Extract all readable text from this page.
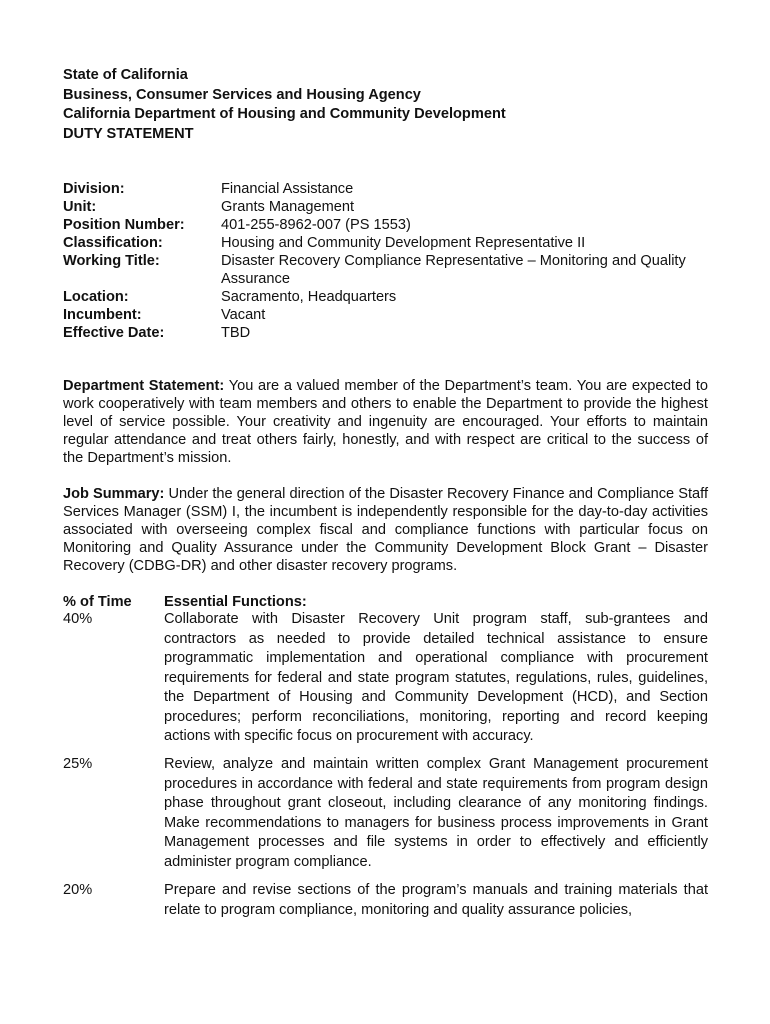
State of California
Business, Consumer Services and Housing Agency
California Department of Housing and Community Development
DUTY STATEMENT
Division:	Financial Assistance
Unit:	Grants Management
Position Number:	401-255-8962-007 (PS 1553)
Classification:	Housing and Community Development Representative II
Working Title:	Disaster Recovery Compliance Representative – Monitoring and Quality Assurance
Location:	Sacramento, Headquarters
Incumbent:	Vacant
Effective Date:	TBD
Department Statement: You are a valued member of the Department’s team. You are expected to work cooperatively with team members and others to enable the Department to provide the highest level of service possible. Your creativity and ingenuity are encouraged. Your efforts to maintain regular attendance and treat others fairly, honestly, and with respect are critical to the success of the Department’s mission.
Job Summary: Under the general direction of the Disaster Recovery Finance and Compliance Staff Services Manager (SSM) I, the incumbent is independently responsible for the day-to-day activities associated with overseeing complex fiscal and compliance functions with particular focus on Monitoring and Quality Assurance under the Community Development Block Grant – Disaster Recovery (CDBG-DR) and other disaster recovery programs.
% of Time	Essential Functions:
40%	Collaborate with Disaster Recovery Unit program staff, sub-grantees and contractors as needed to provide detailed technical assistance to ensure programmatic implementation and operational compliance with procurement requirements for federal and state program statutes, regulations, rules, guidelines, the Department of Housing and Community Development (HCD), and Section procedures; perform reconciliations, monitoring, reporting and record keeping actions with specific focus on procurement with accuracy.
25%	Review, analyze and maintain written complex Grant Management procurement procedures in accordance with federal and state requirements from program design phase throughout grant closeout, including clearance of any monitoring findings. Make recommendations to managers for business process improvements in Grant Management processes and file systems in order to effectively and efficiently administer program compliance.
20%	Prepare and revise sections of the program’s manuals and training materials that relate to program compliance, monitoring and quality assurance policies,
